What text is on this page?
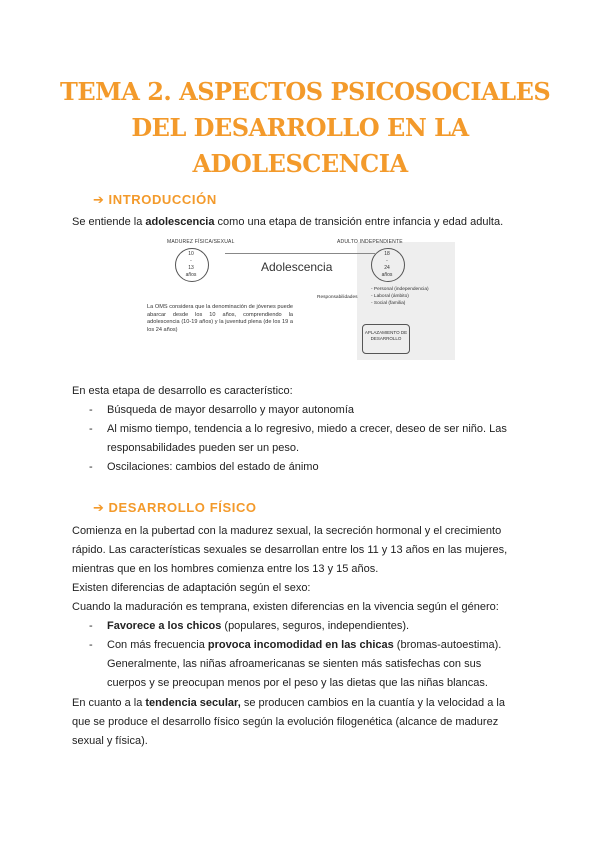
TEMA 2. ASPECTOS PSICOSOCIALES
DEL DESARROLLO EN LA
ADOLESCENCIA
➔ INTRODUCCIÓN
Se entiende la adolescencia como una etapa de transición entre infancia y edad adulta.
MADUREZ FÍSICA/SEXUAL	ADULTO INDEPENDIENTE
10
-
13
años
Adolescencia
18
-
24
años
La OMS considera que la denominación de jóvenes puede abarcar desde los 10 años, comprendiendo la adolescencia (10-19 años) y la juventud plena (de los 19 a los 24 años)
Responsabilidades
- Personal (independencia)
- Laboral (ámbito)
- Social (familia)
APLAZAMIENTO DE
DESARROLLO
En esta etapa de desarrollo es característico:
- Búsqueda de mayor desarrollo y mayor autonomía
- Al mismo tiempo, tendencia a lo regresivo, miedo a crecer, deseo de ser niño. Las
responsabilidades pueden ser un peso.
- Oscilaciones: cambios del estado de ánimo
➔ DESARROLLO FÍSICO
Comienza en la pubertad con la madurez sexual, la secreción hormonal y el crecimiento
rápido. Las características sexuales se desarrollan entre los 11 y 13 años en las mujeres,
mientras que en los hombres comienza entre los 13 y 15 años.
Existen diferencias de adaptación según el sexo:
Cuando la maduración es temprana, existen diferencias en la vivencia según el género:
- Favorece a los chicos (populares, seguros, independientes).
- Con más frecuencia provoca incomodidad en las chicas (bromas-autoestima).
Generalmente, las niñas afroamericanas se sienten más satisfechas con sus
cuerpos y se preocupan menos por el peso y las dietas que las niñas blancas.
En cuanto a la tendencia secular, se producen cambios en la cuantía y la velocidad a la
que se produce el desarrollo físico según la evolución filogenética (alcance de madurez
sexual y física).
